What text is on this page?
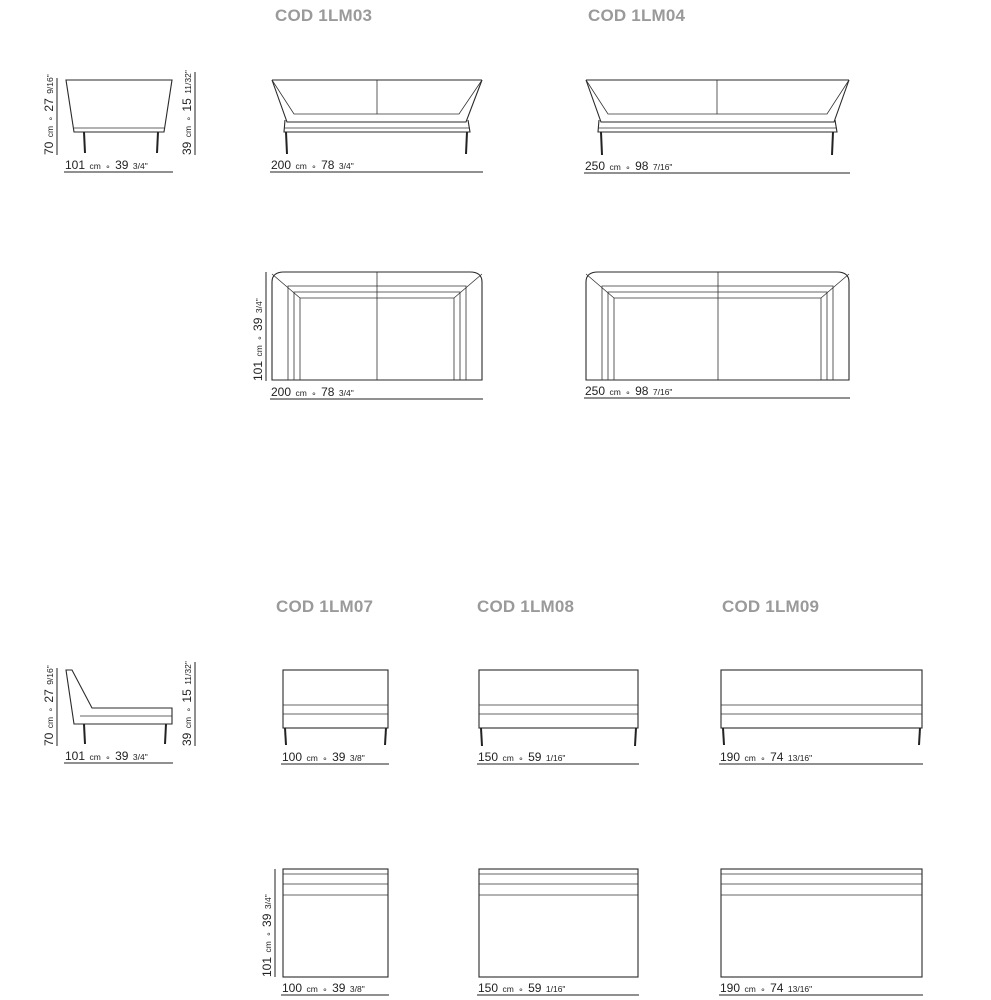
COD 1LM03	COD 1LM04
COD 1LM07	COD 1LM08	COD 1LM09
101 cm ∘ 39 3/4"
70 cm ∘ 27 9/16"
39 cm ∘ 15 11/32"
200 cm ∘ 78 3/4"	250 cm ∘ 98 7/16"
101 cm ∘ 39 3/4"
200 cm ∘ 78 3/4"	250 cm ∘ 98 7/16"
101 cm ∘ 39 3/4"
70 cm ∘ 27 9/16"
39 cm ∘ 15 11/32"
100 cm ∘ 39 3/8"	150 cm ∘ 59 1/16"	190 cm ∘ 74 13/16"
101 cm ∘ 39 3/4"
100 cm ∘ 39 3/8"	150 cm ∘ 59 1/16"	190 cm ∘ 74 13/16"
